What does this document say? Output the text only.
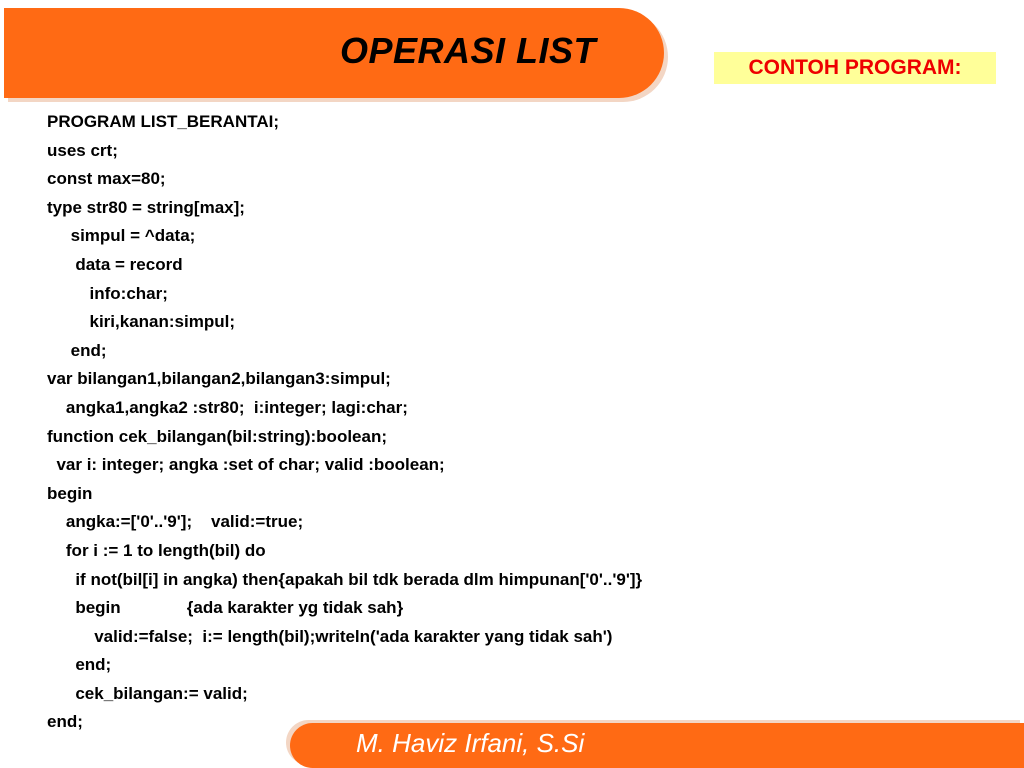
OPERASI LIST	CONTOH PROGRAM:
PROGRAM LIST_BERANTAI;
uses crt;
const max=80;
type str80 = string[max];
simpul = ^data;
data = record
info:char;
kiri,kanan:simpul;
end;
var bilangan1,bilangan2,bilangan3:simpul;
angka1,angka2 :str80;  i:integer; lagi:char;
function cek_bilangan(bil:string):boolean;
var i: integer; angka :set of char; valid :boolean;
begin
angka:=['0'..'9'];    valid:=true;
for i := 1 to length(bil) do
if not(bil[i] in angka) then{apakah bil tdk berada dlm himpunan['0'..'9']}
begin              {ada karakter yg tidak sah}
valid:=false;  i:= length(bil);writeln('ada karakter yang tidak sah')
end;
cek_bilangan:= valid;
end;
M. Haviz Irfani, S.Si
